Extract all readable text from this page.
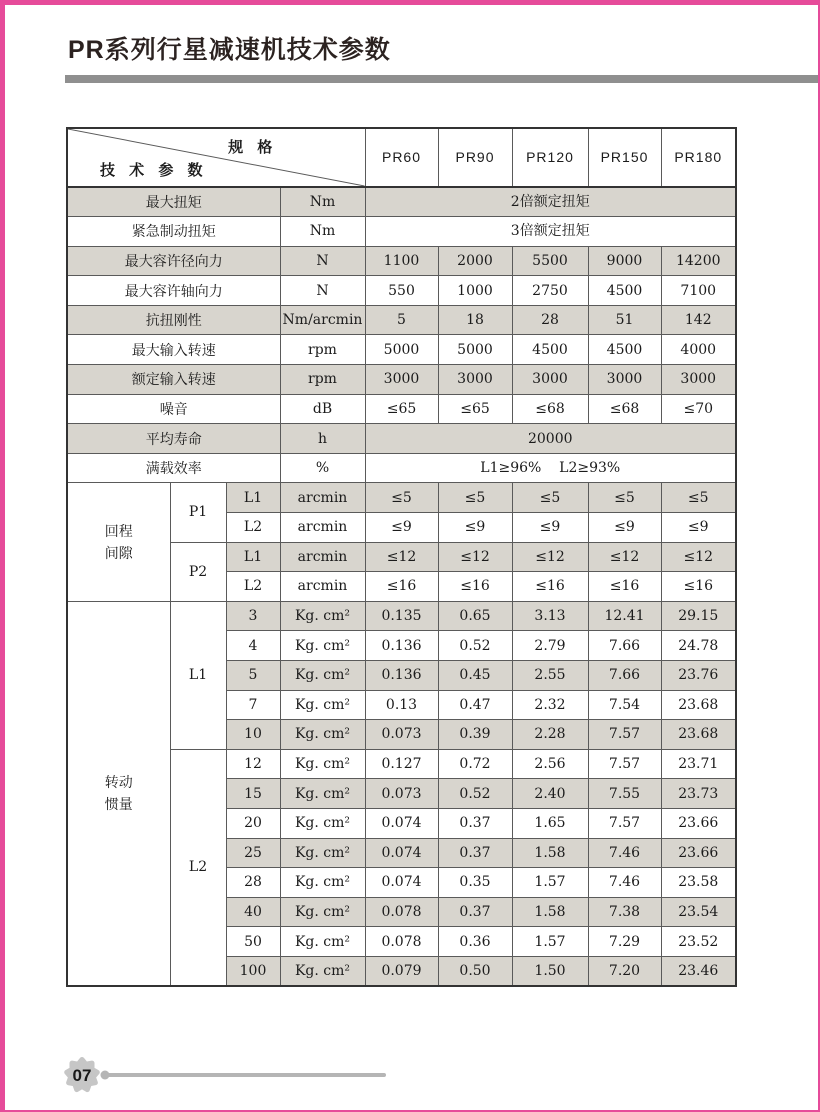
PR系列行星减速机技术参数
规 格
技 术 参 数				PR60	PR90	PR120	PR150	PR180
最大扭矩			Nm	2倍额定扭矩				
紧急制动扭矩			Nm	3倍额定扭矩				
最大容许径向力			N	1100	2000	5500	9000	14200
最大容许轴向力			N	550	1000	2750	4500	7100
抗扭刚性			Nm/arcmin	5	18	28	51	142
最大输入转速			rpm	5000	5000	4500	4500	4000
额定输入转速			rpm	3000	3000	3000	3000	3000
噪音			dB	≤65	≤65	≤68	≤68	≤70
平均寿命			h	20000				
满载效率			%	L1≥96%    L2≥93%				

回程
间隙	P1	L1	arcmin	≤5	≤5	≤5	≤5	≤5
		L2	arcmin	≤9	≤9	≤9	≤9	≤9
	P2	L1	arcmin	≤12	≤12	≤12	≤12	≤12
		L2	arcmin	≤16	≤16	≤16	≤16	≤16

转动
惯量	L1	3	Kg. cm²	0.135	0.65	3.13	12.41	29.15
		4	Kg. cm²	0.136	0.52	2.79	7.66	24.78
		5	Kg. cm²	0.136	0.45	2.55	7.66	23.76
		7	Kg. cm²	0.13	0.47	2.32	7.54	23.68
		10	Kg. cm²	0.073	0.39	2.28	7.57	23.68
	L2	12	Kg. cm²	0.127	0.72	2.56	7.57	23.71
		15	Kg. cm²	0.073	0.52	2.40	7.55	23.73
		20	Kg. cm²	0.074	0.37	1.65	7.57	23.66
		25	Kg. cm²	0.074	0.37	1.58	7.46	23.66
		28	Kg. cm²	0.074	0.35	1.57	7.46	23.58
		40	Kg. cm²	0.078	0.37	1.58	7.38	23.54
		50	Kg. cm²	0.078	0.36	1.57	7.29	23.52
		100	Kg. cm²	0.079	0.50	1.50	7.20	23.46
07
